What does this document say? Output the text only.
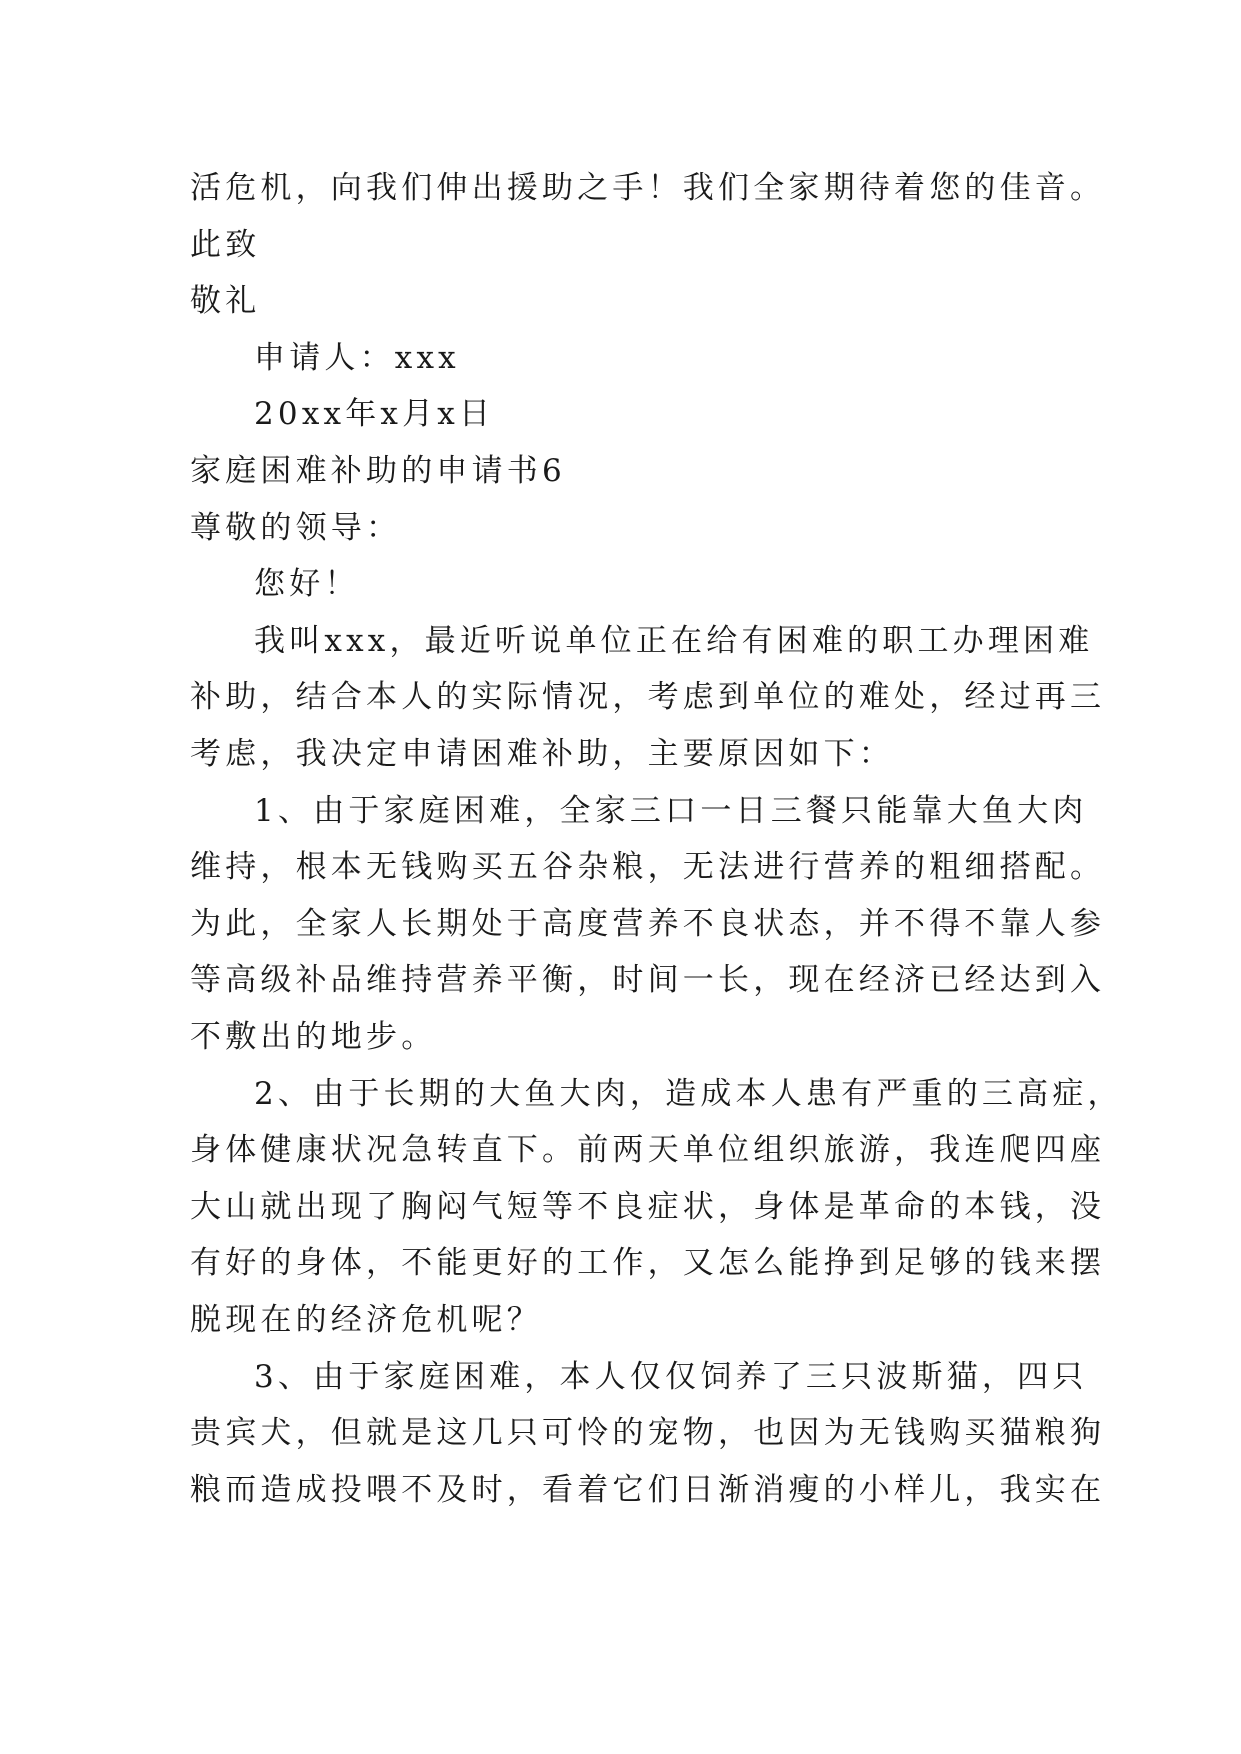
活危机，向我们伸出援助之手！我们全家期待着您的佳音。

此致

敬礼

申请人：xxx

20xx年x月x日

家庭困难补助的申请书6

尊敬的领导：

您好！

我叫xxx，最近听说单位正在给有困难的职工办理困难

补助，结合本人的实际情况，考虑到单位的难处，经过再三

考虑，我决定申请困难补助，主要原因如下：

1、由于家庭困难，全家三口一日三餐只能靠大鱼大肉

维持，根本无钱购买五谷杂粮，无法进行营养的粗细搭配。

为此，全家人长期处于高度营养不良状态，并不得不靠人参

等高级补品维持营养平衡，时间一长，现在经济已经达到入

不敷出的地步。

2、由于长期的大鱼大肉，造成本人患有严重的三高症，

身体健康状况急转直下。前两天单位组织旅游，我连爬四座

大山就出现了胸闷气短等不良症状，身体是革命的本钱，没

有好的身体，不能更好的工作，又怎么能挣到足够的钱来摆

脱现在的经济危机呢？

3、由于家庭困难，本人仅仅饲养了三只波斯猫，四只

贵宾犬，但就是这几只可怜的宠物，也因为无钱购买猫粮狗

粮而造成投喂不及时，看着它们日渐消瘦的小样儿，我实在
